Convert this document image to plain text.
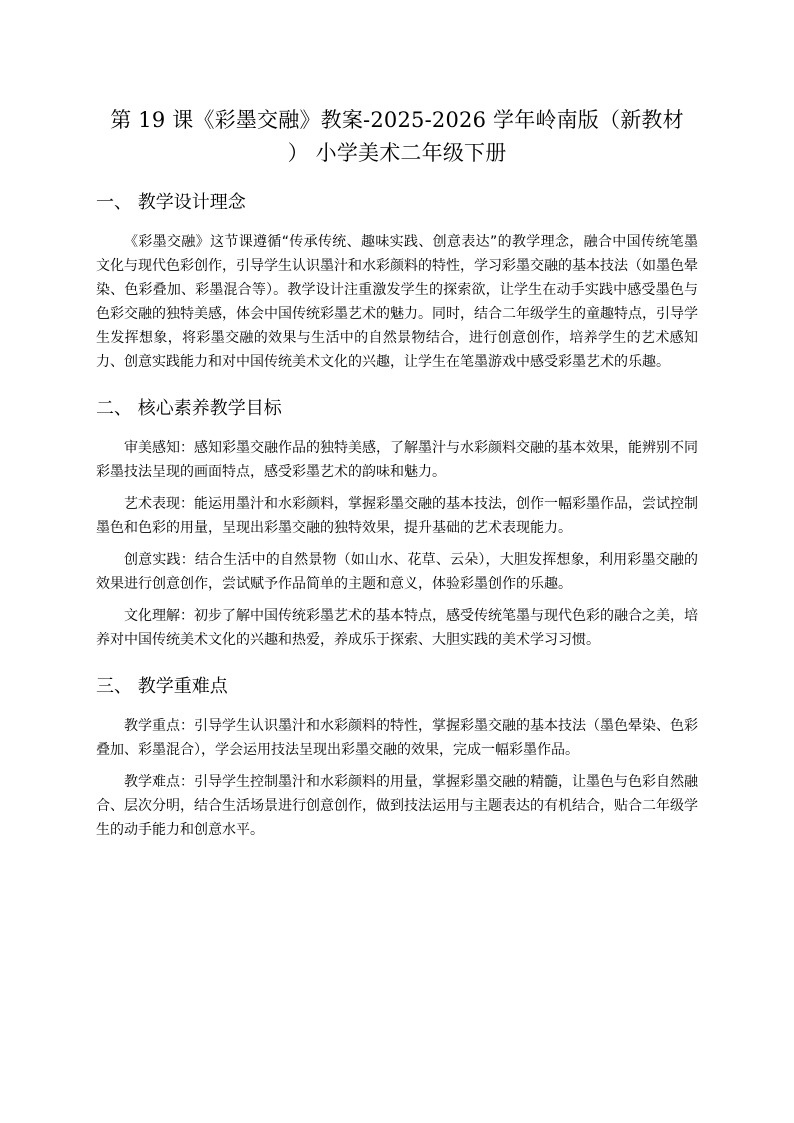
第 19 课《彩墨交融》教案-2025-2026 学年岭南版（新教材
） 小学美术二年级下册
一、 教学设计理念

《彩墨交融》这节课遵循“传承传统、趣味实践、创意表达”的教学理念，融合中国传统笔墨文化与现代色彩创作，引导学生认识墨汁和水彩颜料的特性，学习彩墨交融的基本技法（如墨色晕染、色彩叠加、彩墨混合等）。教学设计注重激发学生的探索欲，让学生在动手实践中感受墨色与色彩交融的独特美感，体会中国传统彩墨艺术的魅力。同时，结合二年级学生的童趣特点，引导学生发挥想象，将彩墨交融的效果与生活中的自然景物结合，进行创意创作，培养学生的艺术感知力、创意实践能力和对中国传统美术文化的兴趣，让学生在笔墨游戏中感受彩墨艺术的乐趣。

二、 核心素养教学目标

审美感知：感知彩墨交融作品的独特美感，了解墨汁与水彩颜料交融的基本效果，能辨别不同彩墨技法呈现的画面特点，感受彩墨艺术的韵味和魅力。

艺术表现：能运用墨汁和水彩颜料，掌握彩墨交融的基本技法，创作一幅彩墨作品，尝试控制墨色和色彩的用量，呈现出彩墨交融的独特效果，提升基础的艺术表现能力。

创意实践：结合生活中的自然景物（如山水、花草、云朵），大胆发挥想象，利用彩墨交融的效果进行创意创作，尝试赋予作品简单的主题和意义，体验彩墨创作的乐趣。

文化理解：初步了解中国传统彩墨艺术的基本特点，感受传统笔墨与现代色彩的融合之美，培养对中国传统美术文化的兴趣和热爱，养成乐于探索、大胆实践的美术学习习惯。

三、 教学重难点

教学重点：引导学生认识墨汁和水彩颜料的特性，掌握彩墨交融的基本技法（墨色晕染、色彩叠加、彩墨混合），学会运用技法呈现出彩墨交融的效果，完成一幅彩墨作品。

教学难点：引导学生控制墨汁和水彩颜料的用量，掌握彩墨交融的精髓，让墨色与色彩自然融合、层次分明，结合生活场景进行创意创作，做到技法运用与主题表达的有机结合，贴合二年级学生的动手能力和创意水平。
